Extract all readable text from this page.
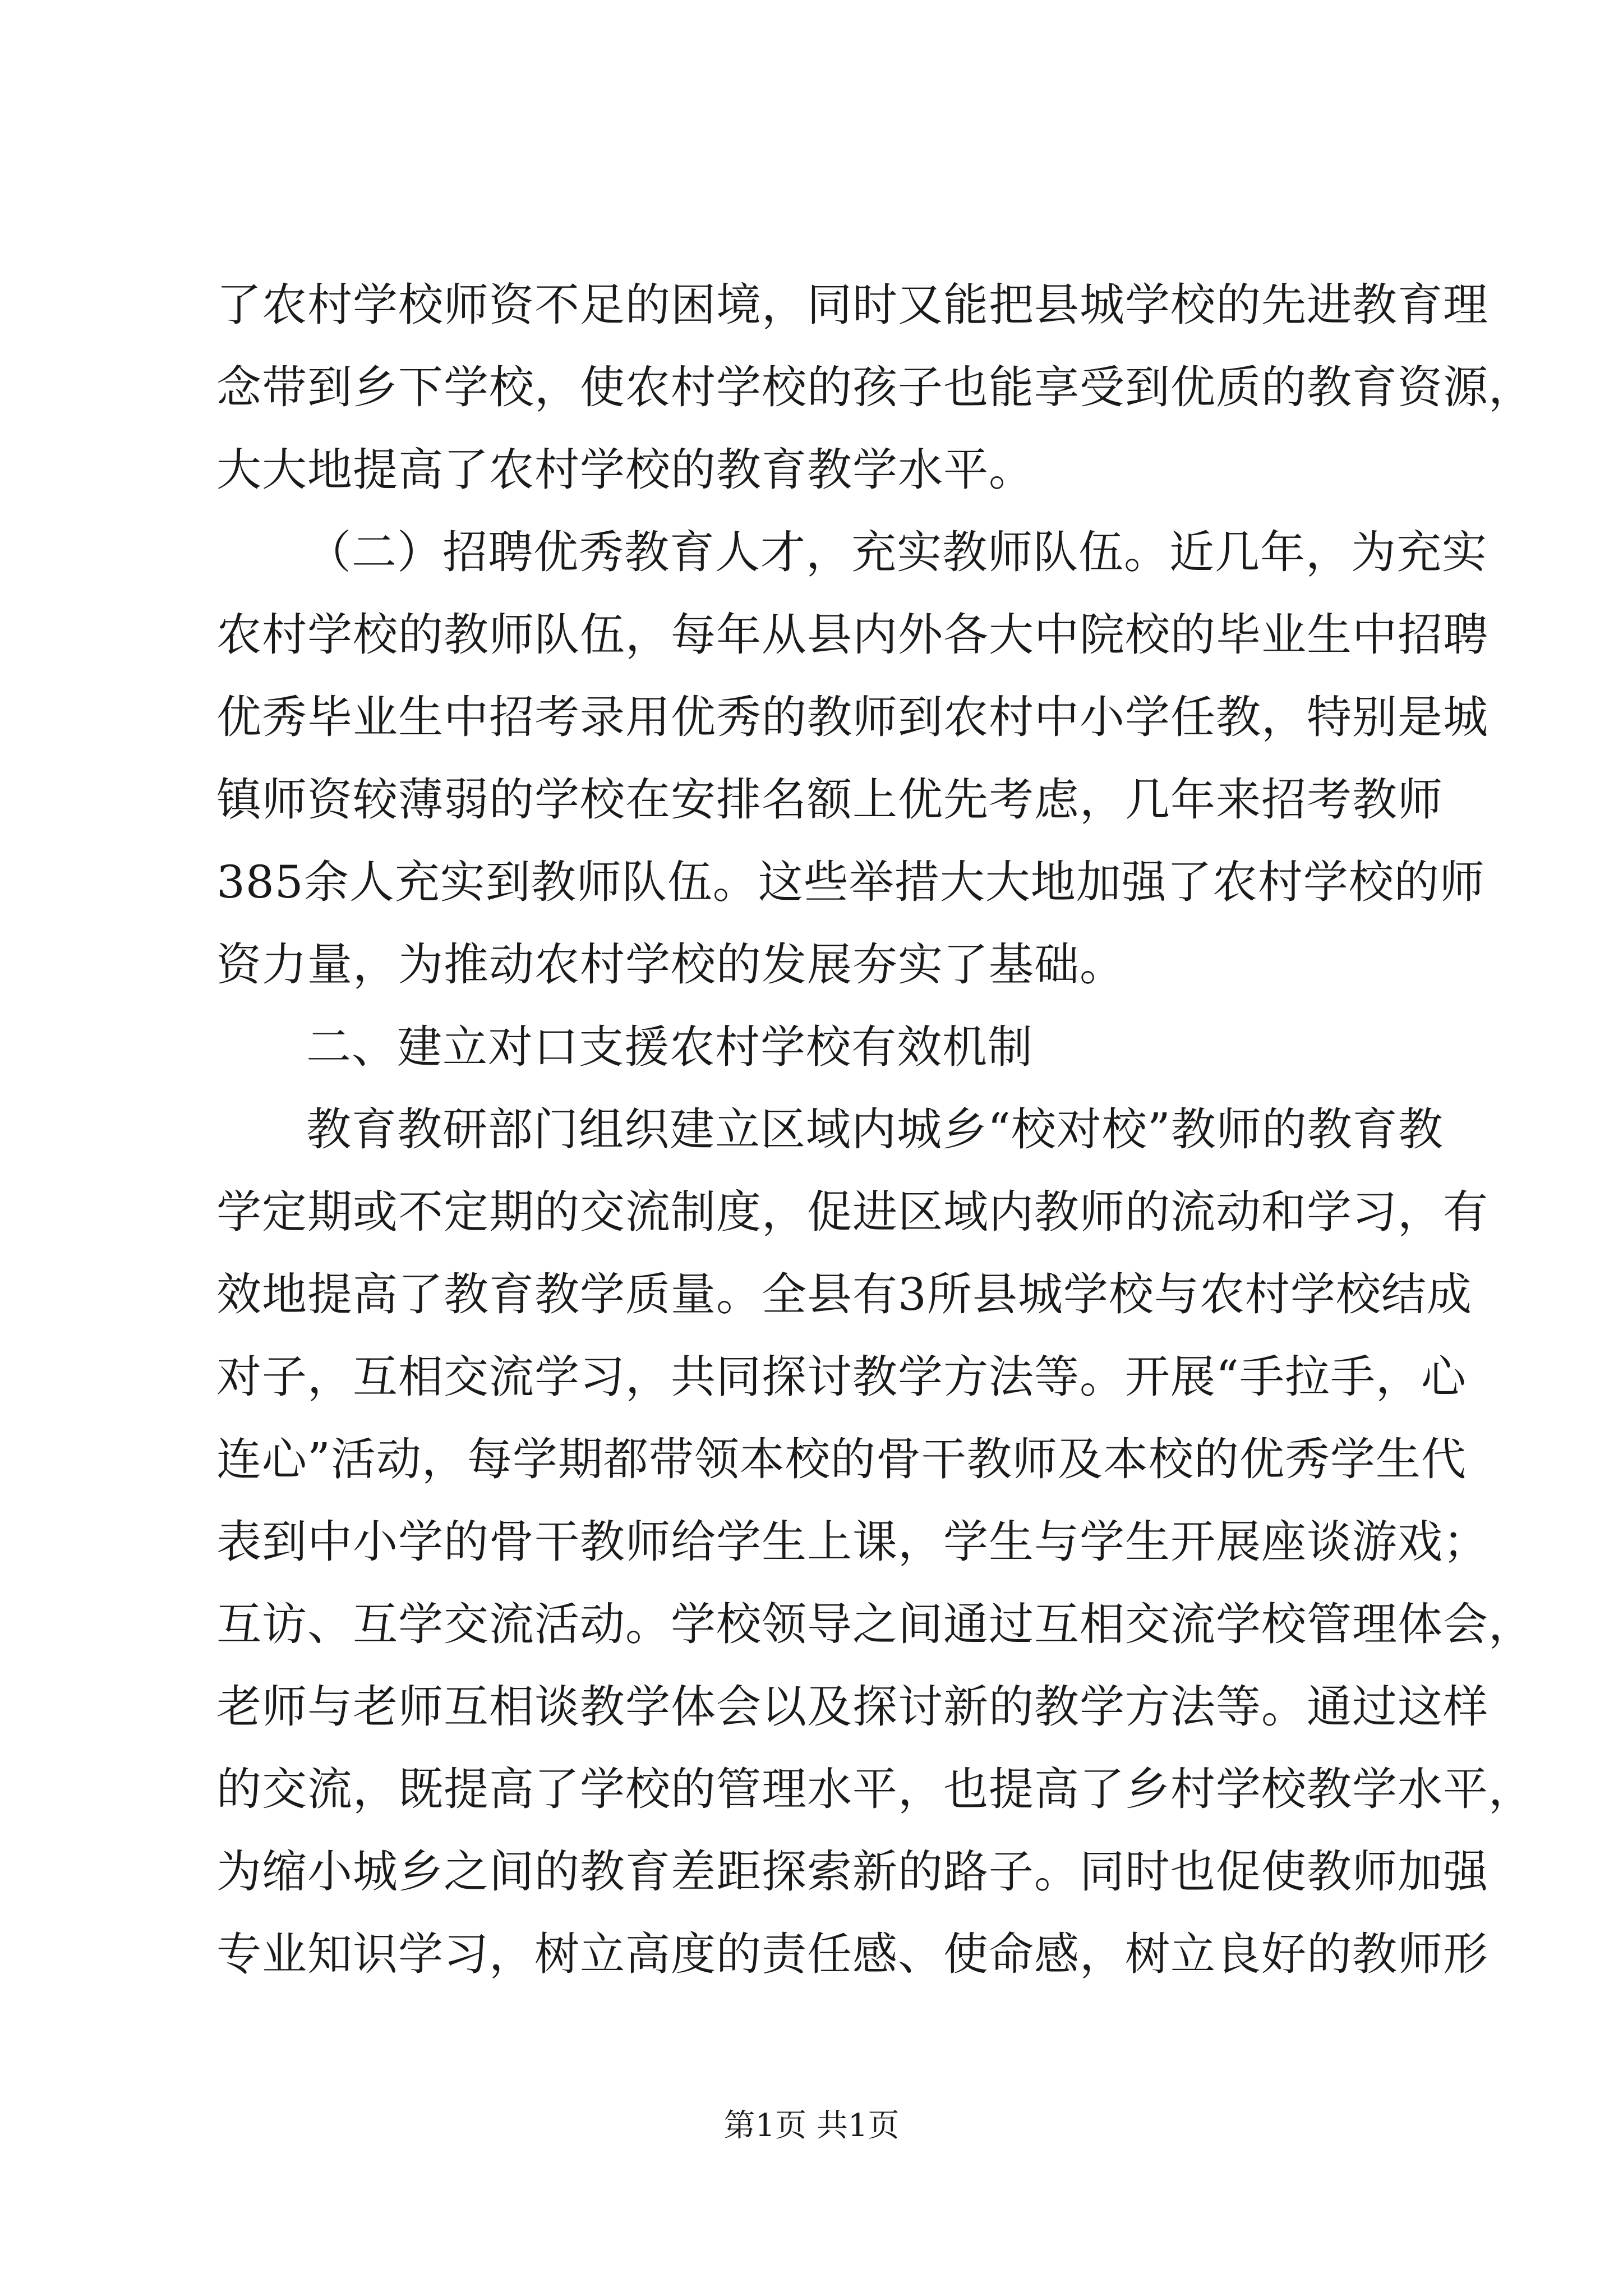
了农村学校师资不足的困境，同时又能把县城学校的先进教育理
念带到乡下学校，使农村学校的孩子也能享受到优质的教育资源，
大大地提高了农村学校的教育教学水平。
（二）招聘优秀教育人才，充实教师队伍。近几年，为充实
农村学校的教师队伍，每年从县内外各大中院校的毕业生中招聘
优秀毕业生中招考录用优秀的教师到农村中小学任教，特别是城
镇师资较薄弱的学校在安排名额上优先考虑，几年来招考教师
385余人充实到教师队伍。这些举措大大地加强了农村学校的师
资力量，为推动农村学校的发展夯实了基础。
二、建立对口支援农村学校有效机制
教育教研部门组织建立区域内城乡“校对校”教师的教育教
学定期或不定期的交流制度，促进区域内教师的流动和学习，有
效地提高了教育教学质量。全县有3所县城学校与农村学校结成
对子，互相交流学习，共同探讨教学方法等。开展“手拉手，心
连心”活动，每学期都带领本校的骨干教师及本校的优秀学生代
表到中小学的骨干教师给学生上课，学生与学生开展座谈游戏；
互访、互学交流活动。学校领导之间通过互相交流学校管理体会，
老师与老师互相谈教学体会以及探讨新的教学方法等。通过这样
的交流，既提高了学校的管理水平，也提高了乡村学校教学水平，
为缩小城乡之间的教育差距探索新的路子。同时也促使教师加强
专业知识学习，树立高度的责任感、使命感，树立良好的教师形
第1页 共1页
